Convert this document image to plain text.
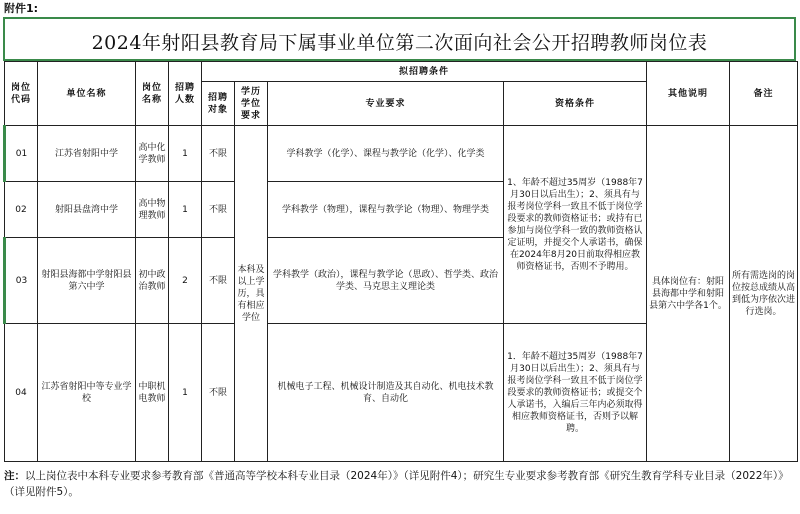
附件1:
2024年射阳县教育局下属事业单位第二次面向社会公开招聘教师岗位表
岗位代码	单位名称	岗位名称	招聘人数	拟招聘条件				其他说明	备注
				招聘对象	学历学位要求	专业要求	资格条件		
01	江苏省射阳中学	高中化学教师	1	不限	本科及以上学历，具有相应学位	学科教学（化学）、课程与教学论（化学）、化学类	1、年龄不超过35周岁（1988年7月30日以后出生）；2、须具有与报考岗位学科一致且不低于岗位学段要求的教师资格证书；或持有已参加与岗位学科一致的教师资格认定证明，并提交个人承诺书，确保在2024年8月20日前取得相应教师资格证书，否则不予聘用。	具体岗位有：射阳县海都中学和射阳县第六中学各1个。	所有需选岗的岗位按总成绩从高到低为序依次进行选岗。
02	射阳县盘湾中学	高中物理教师	1	不限		学科教学（物理），课程与教学论（物理）、物理学类			
03	射阳县海都中学射阳县第六中学	初中政治教师	2	不限		学科教学（政治），课程与教学论（思政）、哲学类、政治学类、马克思主义理论类			
04	江苏省射阳中等专业学校	中职机电教师	1	不限		机械电子工程、机械设计制造及其自动化、机电技术教育、自动化	1．年龄不超过35周岁（1988年7月30日以后出生）；2、须具有与报考岗位学科一致且不低于岗位学段要求的教师资格证书；或提交个人承诺书，入编后三年内必须取得相应教师资格证书，否则予以解聘。		
注：以上岗位表中本科专业要求参考教育部《普通高等学校本科专业目录（2024年）》（详见附件4）；研究生专业要求参考教育部《研究生教育学科专业目录（2022年）》（详见附件5）。
